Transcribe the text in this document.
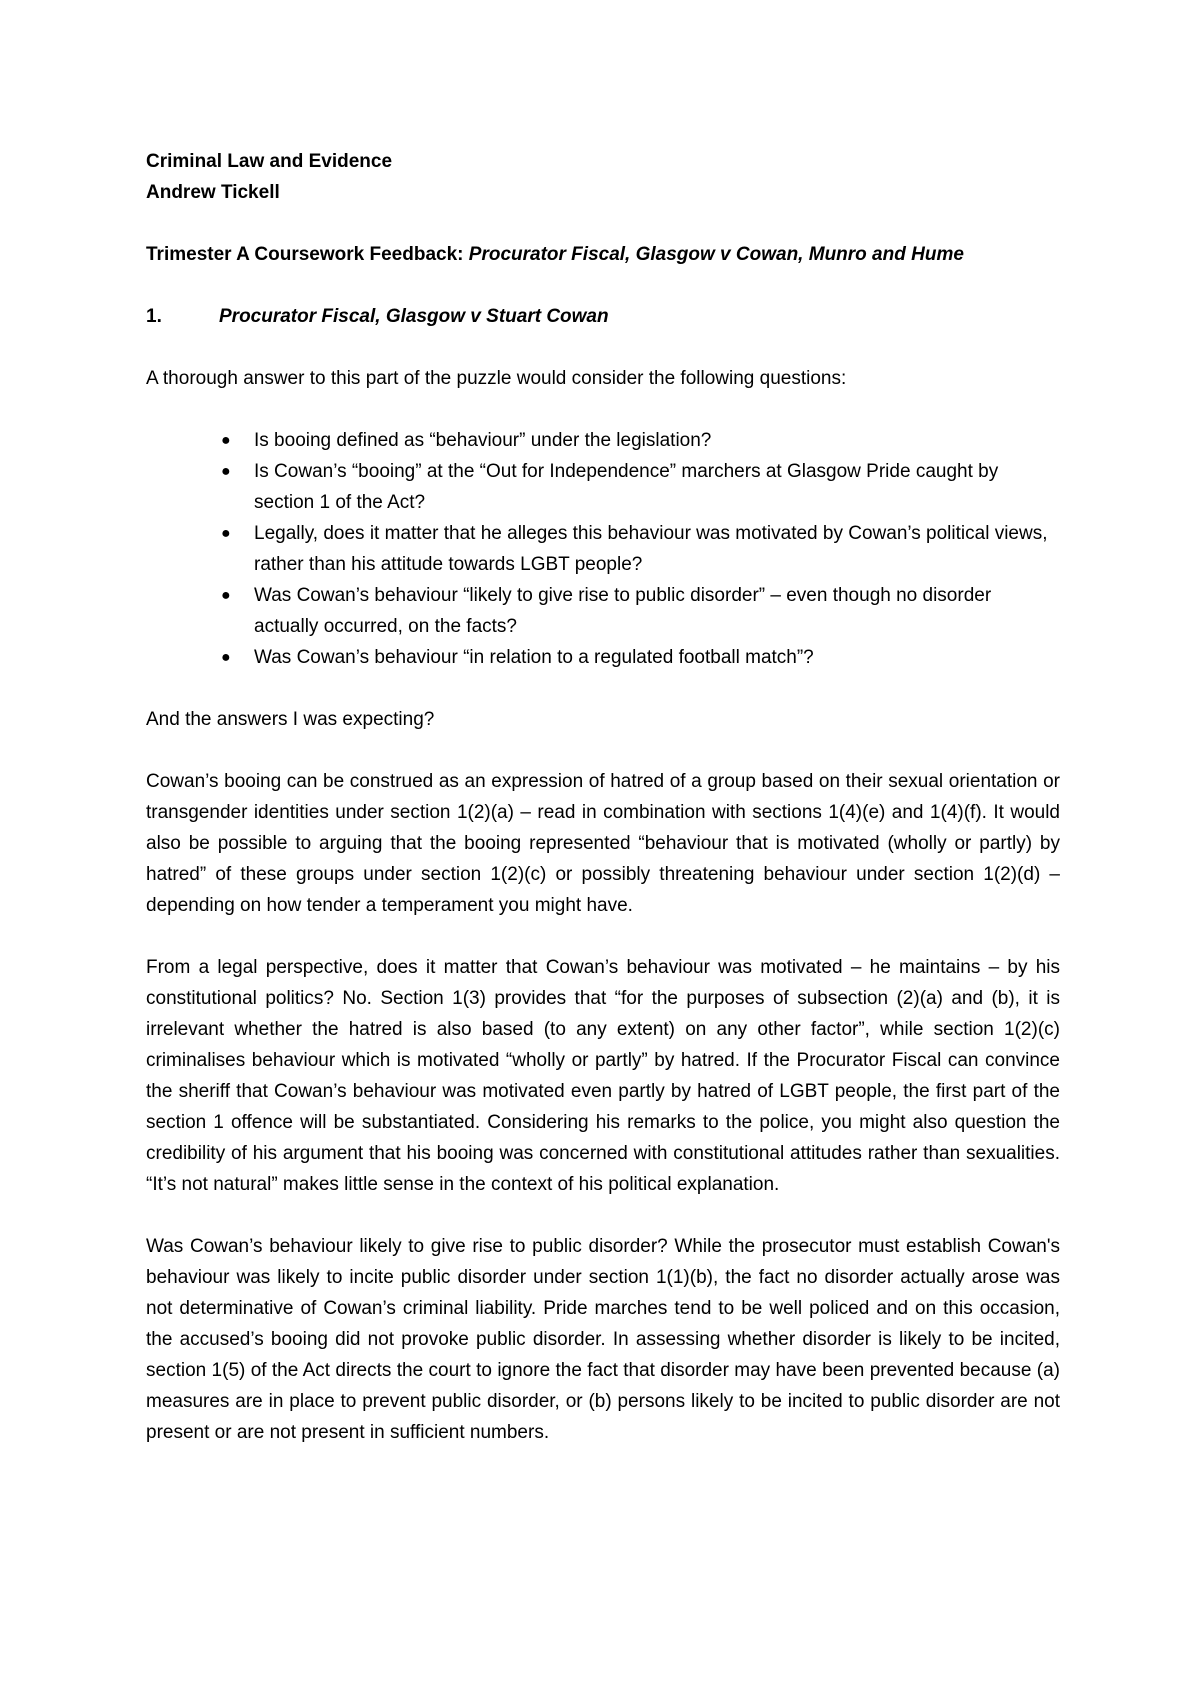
Criminal Law and Evidence
Andrew Tickell
Trimester A Coursework Feedback: Procurator Fiscal, Glasgow v Cowan, Munro and Hume
1.	Procurator Fiscal, Glasgow v Stuart Cowan

A thorough answer to this part of the puzzle would consider the following questions:

● Is booing defined as “behaviour” under the legislation?
● Is Cowan’s “booing” at the “Out for Independence” marchers at Glasgow Pride caught by section 1 of the Act?
● Legally, does it matter that he alleges this behaviour was motivated by Cowan’s political views, rather than his attitude towards LGBT people?
● Was Cowan’s behaviour “likely to give rise to public disorder” – even though no disorder actually occurred, on the facts?
● Was Cowan’s behaviour “in relation to a regulated football match”?

And the answers I was expecting?

Cowan’s booing can be construed as an expression of hatred of a group based on their sexual orientation or transgender identities under section 1(2)(a) – read in combination with sections 1(4)(e) and 1(4)(f). It would also be possible to arguing that the booing represented “behaviour that is motivated (wholly or partly) by hatred” of these groups under section 1(2)(c) or possibly threatening behaviour under section 1(2)(d) – depending on how tender a temperament you might have.

From a legal perspective, does it matter that Cowan’s behaviour was motivated – he maintains – by his constitutional politics? No. Section 1(3) provides that “for the purposes of subsection (2)(a) and (b), it is irrelevant whether the hatred is also based (to any extent) on any other factor”, while section 1(2)(c) criminalises behaviour which is motivated “wholly or partly” by hatred. If the Procurator Fiscal can convince the sheriff that Cowan’s behaviour was motivated even partly by hatred of LGBT people, the first part of the section 1 offence will be substantiated. Considering his remarks to the police, you might also question the credibility of his argument that his booing was concerned with constitutional attitudes rather than sexualities. “It’s not natural” makes little sense in the context of his political explanation.

Was Cowan’s behaviour likely to give rise to public disorder? While the prosecutor must establish Cowan's behaviour was likely to incite public disorder under section 1(1)(b), the fact no disorder actually arose was not determinative of Cowan’s criminal liability. Pride marches tend to be well policed and on this occasion, the accused’s booing did not provoke public disorder. In assessing whether disorder is likely to be incited, section 1(5) of the Act directs the court to ignore the fact that disorder may have been prevented because (a) measures are in place to prevent public disorder, or (b) persons likely to be incited to public disorder are not present or are not present in sufficient numbers.
